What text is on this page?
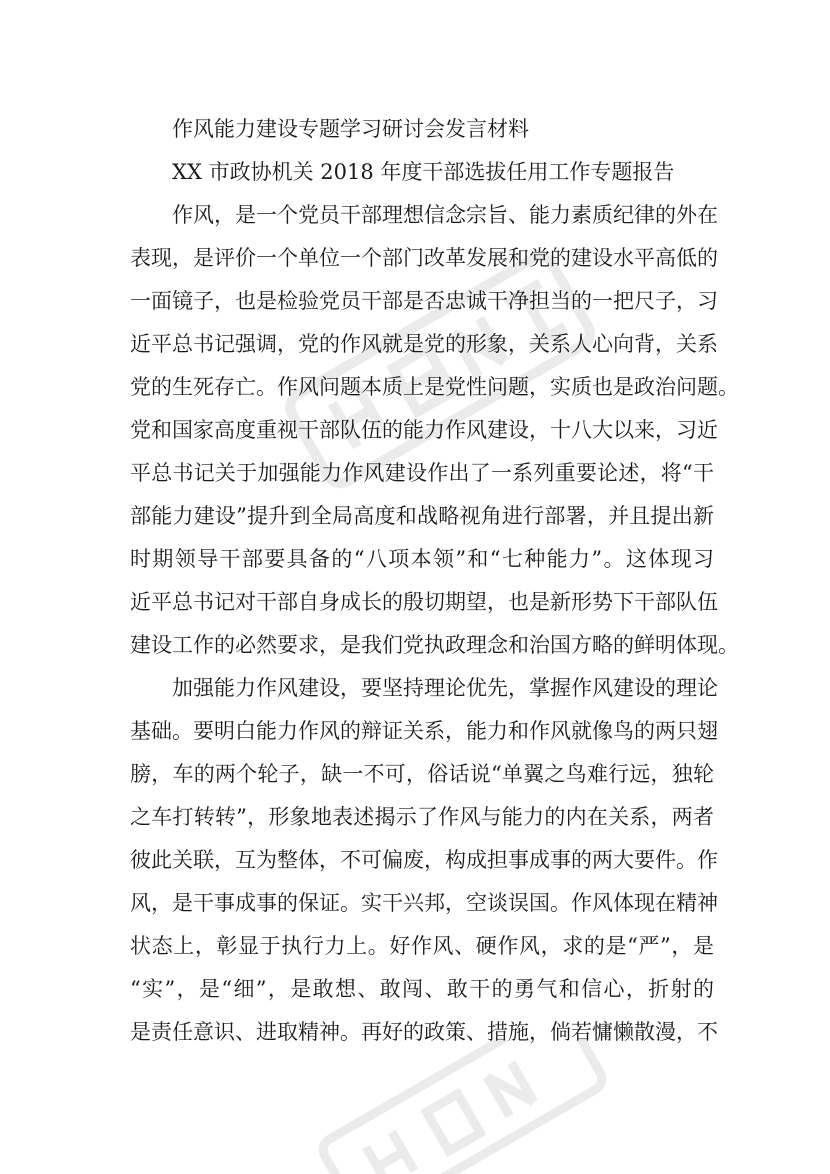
作风能力建设专题学习研讨会发言材料
XX 市政协机关 2018 年度干部选拔任用工作专题报告
作风，是一个党员干部理想信念宗旨、能力素质纪律的外在
表现，是评价一个单位一个部门改革发展和党的建设水平高低的
一面镜子，也是检验党员干部是否忠诚干净担当的一把尺子，习
近平总书记强调，党的作风就是党的形象，关系人心向背，关系
党的生死存亡。作风问题本质上是党性问题，实质也是政治问题。
党和国家高度重视干部队伍的能力作风建设，十八大以来，习近
平总书记关于加强能力作风建设作出了一系列重要论述，将“干
部能力建设”提升到全局高度和战略视角进行部署，并且提出新
时期领导干部要具备的“八项本领”和“七种能力”。这体现习
近平总书记对干部自身成长的殷切期望，也是新形势下干部队伍
建设工作的必然要求，是我们党执政理念和治国方略的鲜明体现。
加强能力作风建设，要坚持理论优先，掌握作风建设的理论
基础。要明白能力作风的辩证关系，能力和作风就像鸟的两只翅
膀，车的两个轮子，缺一不可，俗话说“单翼之鸟难行远，独轮
之车打转转”，形象地表述揭示了作风与能力的内在关系，两者
彼此关联，互为整体，不可偏废，构成担事成事的两大要件。作
风，是干事成事的保证。实干兴邦，空谈误国。作风体现在精神
状态上，彰显于执行力上。好作风、硬作风，求的是“严”，是
“实”，是“细”，是敢想、敢闯、敢干的勇气和信心，折射的
是责任意识、进取精神。再好的政策、措施，倘若慵懒散漫，不
